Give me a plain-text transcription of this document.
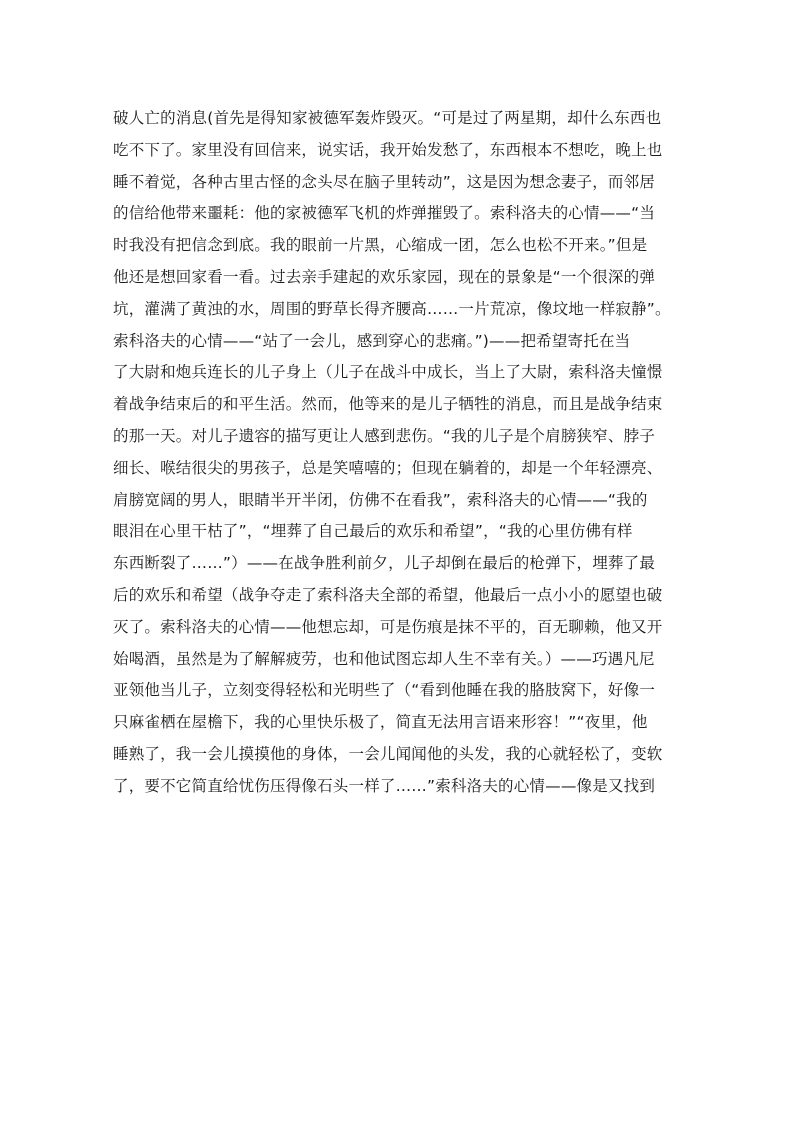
破人亡的消息(首先是得知家被德军轰炸毁灭。“可是过了两星期，却什么东西也
吃不下了。家里没有回信来，说实话，我开始发愁了，东西根本不想吃，晚上也
睡不着觉，各种古里古怪的念头尽在脑子里转动”，这是因为想念妻子，而邻居
的信给他带来噩耗：他的家被德军飞机的炸弹摧毁了。索科洛夫的心情——“当
时我没有把信念到底。我的眼前一片黑，心缩成一团，怎么也松不开来。”但是
他还是想回家看一看。过去亲手建起的欢乐家园，现在的景象是“一个很深的弹
坑，灌满了黄浊的水，周围的野草长得齐腰高……一片荒凉，像坟地一样寂静”。
索科洛夫的心情——“站了一会儿，感到穿心的悲痛。”)——把希望寄托在当
了大尉和炮兵连长的儿子身上（儿子在战斗中成长，当上了大尉，索科洛夫憧憬
着战争结束后的和平生活。然而，他等来的是儿子牺牲的消息，而且是战争结束
的那一天。对儿子遗容的描写更让人感到悲伤。“我的儿子是个肩膀狭窄、脖子
细长、喉结很尖的男孩子，总是笑嘻嘻的；但现在躺着的，却是一个年轻漂亮、
肩膀宽阔的男人，眼睛半开半闭，仿佛不在看我”，索科洛夫的心情——“我的
眼泪在心里干枯了”，“埋葬了自己最后的欢乐和希望”，“我的心里仿佛有样
东西断裂了……”）——在战争胜利前夕，儿子却倒在最后的枪弹下，埋葬了最
后的欢乐和希望（战争夺走了索科洛夫全部的希望，他最后一点小小的愿望也破
灭了。索科洛夫的心情——他想忘却，可是伤痕是抹不平的，百无聊赖，他又开
始喝酒，虽然是为了解解疲劳，也和他试图忘却人生不幸有关。）——巧遇凡尼
亚领他当儿子，立刻变得轻松和光明些了（“看到他睡在我的胳肢窝下，好像一
只麻雀栖在屋檐下，我的心里快乐极了，简直无法用言语来形容！”“夜里，他
睡熟了，我一会儿摸摸他的身体，一会儿闻闻他的头发，我的心就轻松了，变软
了，要不它简直给忧伤压得像石头一样了……”索科洛夫的心情——像是又找到
